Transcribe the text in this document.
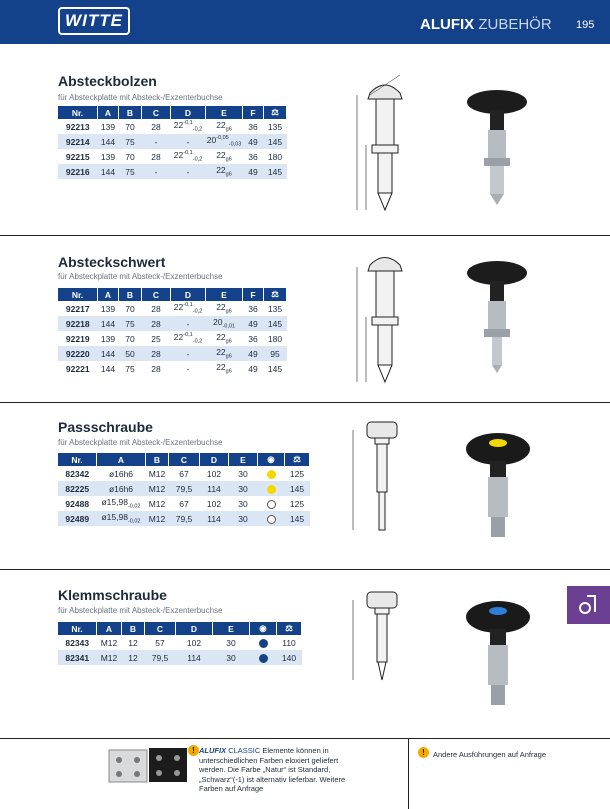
WITTE	ALUFIX ZUBEHÖR 195
Absteckbolzen
für Absteckplatte mit Absteck-/Exzenterbuchse
Nr.	A	B	C	D	E	F	⚖
92213	139	70	28	$22^{-0,1}_{-0,2}$	$22_{g6}$	36	135
92214	144	75	-	-	$20^{-0,05}_{-0,03}$	49	145
92215	139	70	28	$22^{-0,1}_{-0,2}$	$22_{g6}$	36	180
92216	144	75	-	-	$22_{g6}$	49	145
Absteckschwert
für Absteckplatte mit Absteck-/Exzenterbuchse
Nr.	A	B	C	D	E	F	⚖
92217	139	70	28	$22^{-0,1}_{-0,2}$	$22_{g6}$	36	135
92218	144	75	28	-	$20_{-0,01}$	49	145
92219	139	70	25	$22^{-0,1}_{-0,2}$	$22_{g6}$	36	180
92220	144	50	28	-	$22_{g6}$	49	95
92221	144	75	28	-	$22_{g6}$	49	145
Passschraube
für Absteckplatte mit Absteck-/Exzenterbuchse
Nr.	A	B	C	D	E	◉	⚖
82342	ø16h6	M12	67	102	30		125
82225	ø16h6	M12	79,5	114	30		145
92488	$ø15,98_{-0,02}$	M12	67	102	30		125
92489	$ø15,98_{-0,02}$	M12	79,5	114	30		145
Klemmschraube
für Absteckplatte mit Absteck-/Exzenterbuchse
Nr.	A	B	C	D	E	◉	⚖
82343	M12	12	57	102	30		110
82341	M12	12	79,5	114	30		140
! ALUFIX CLASSIC Elemente können in unterschiedlichen Farben eloxiert geliefert werden. Die Farbe „Natur“ ist Standard, „Schwarz“(-1) ist alternativ lieferbar. Weitere Farben auf Anfrage
!	Andere Ausführungen auf Anfrage
